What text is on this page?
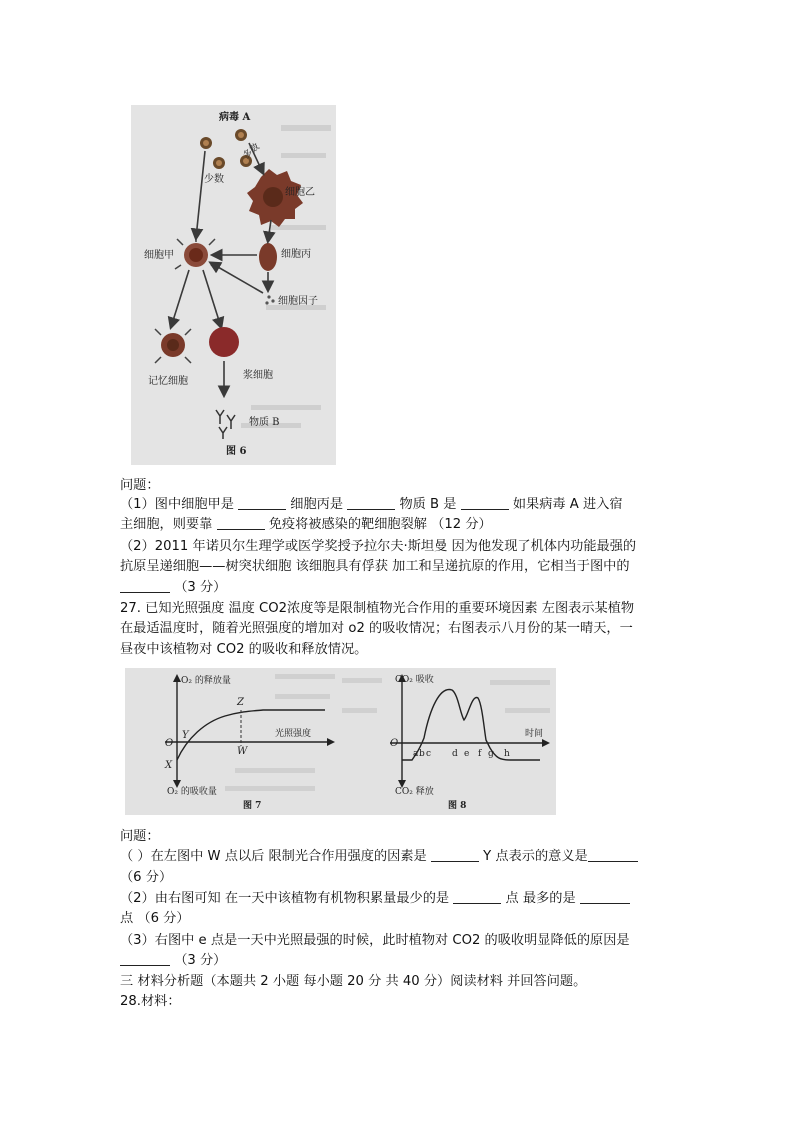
病毒 A
少数
多数
细胞乙
细胞甲	细胞丙
细胞因子
记忆细胞
浆细胞
物质 B
图 6
问题：
（1）图中细胞甲是	细胞丙是	物质 B 是	如果病毒 A 进入宿
主细胞，则要靠	免疫将被感染的靶细胞裂解 （12 分）
（2）2011 年诺贝尔生理学或医学奖授予拉尔夫·斯坦曼 因为他发现了机体内功能最强的
抗原呈递细胞——树突状细胞 该细胞具有俘获 加工和呈递抗原的作用，它相当于图中的
（3 分）
27. 已知光照强度 温度 CO2浓度等是限制植物光合作用的重要环境因素 左图表示某植物
在最适温度时，随着光照强度的增加对 o2 的吸收情况；右图表示八月份的某一晴天，一
昼夜中该植物对 CO2 的吸收和释放情况。
O₂ 的释放量
O₂ 的吸收量
光照强度
O
X
Y
Z
W
图 7
CO₂ 吸收
CO₂ 释放
时间
O
a b c d e f g h
图 8
问题：
（ ）在左图中 W 点以后 限制光合作用强度的因素是	Y 点表示的意义是
（6 分）
（2）由右图可知 在一天中该植物有机物积累量最少的是	点 最多的是
点 （6 分）
（3）右图中 e 点是一天中光照最强的时候，此时植物对 CO2 的吸收明显降低的原因是
（3 分）
三 材料分析题（本题共 2 小题 每小题 20 分 共 40 分）阅读材料 并回答问题。
28.材料：
